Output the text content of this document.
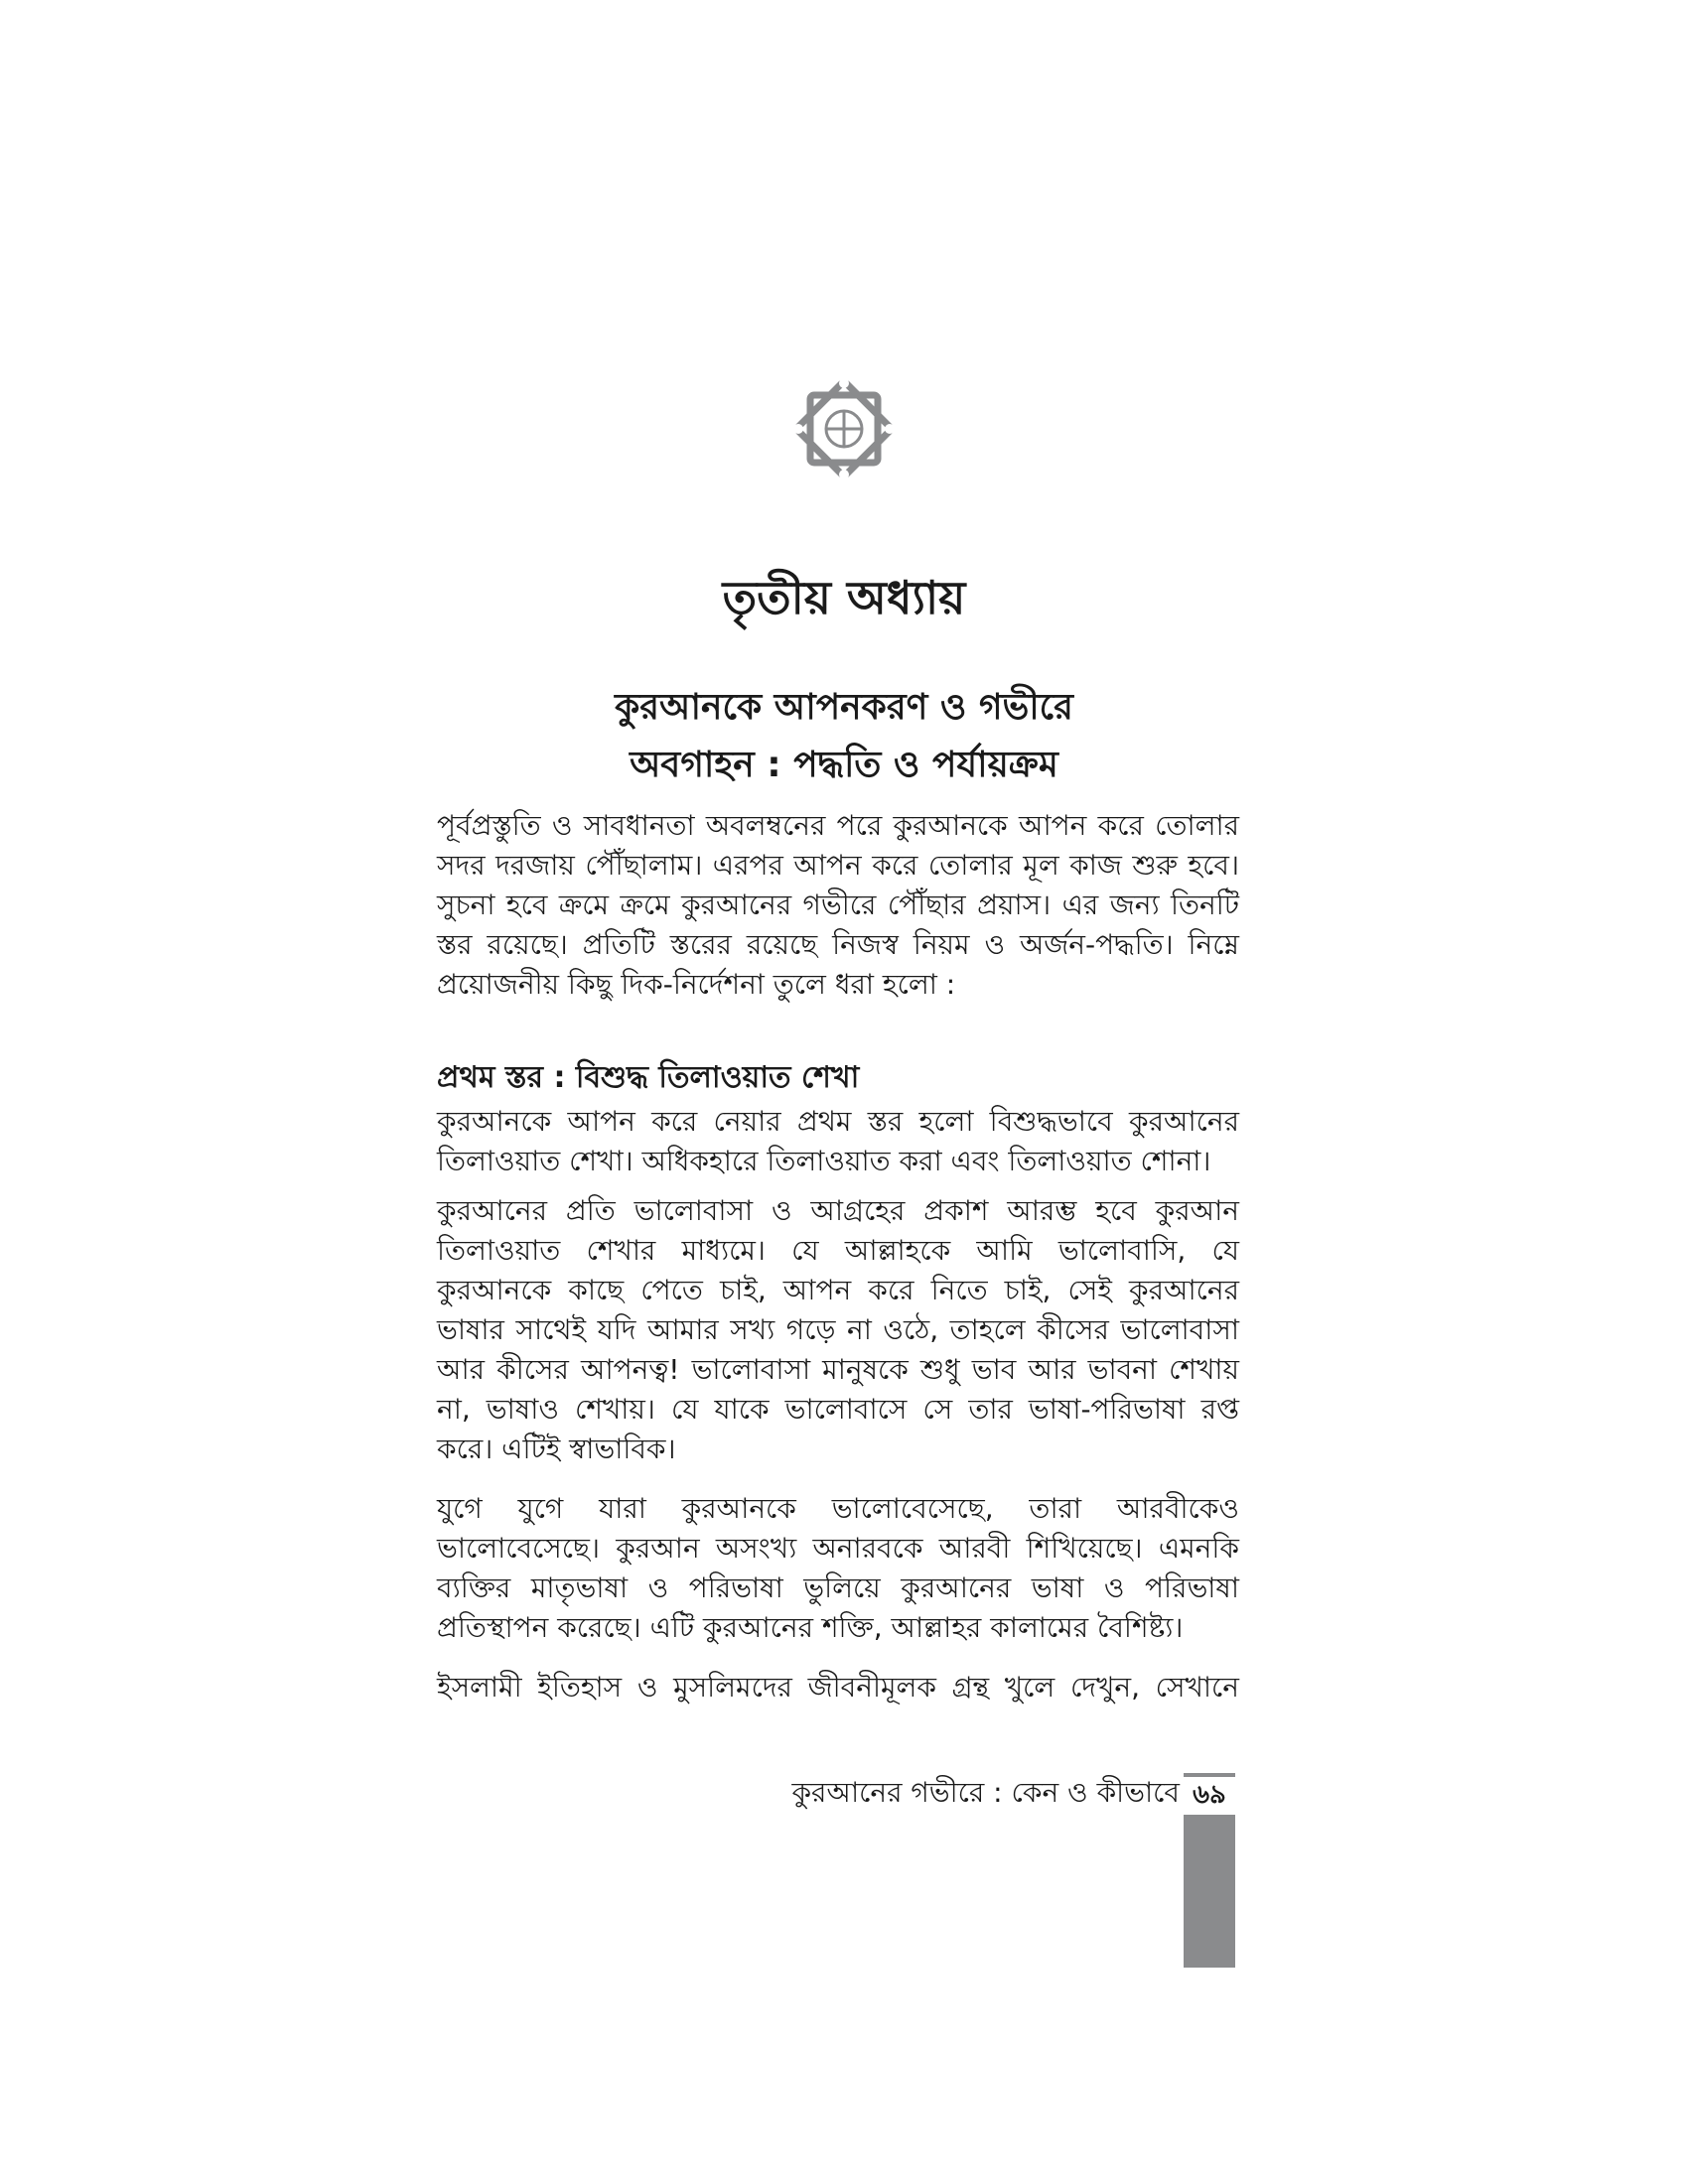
তৃতীয় অধ্যায়
কুরআনকে আপনকরণ ও গভীরে
অবগাহন : পদ্ধতি ও পর্যায়ক্রম

পূর্বপ্রস্তুতি ও সাবধানতা অবলম্বনের পরে কুরআনকে আপন করে তোলার
সদর দরজায় পৌঁছালাম। এরপর আপন করে তোলার মূল কাজ শুরু হবে।
সুচনা হবে ক্রমে ক্রমে কুরআনের গভীরে পৌঁছার প্রয়াস। এর জন্য তিনটি
স্তর রয়েছে। প্রতিটি স্তরের রয়েছে নিজস্ব নিয়ম ও অর্জন-পদ্ধতি। নিম্নে
প্রয়োজনীয় কিছু দিক-নির্দেশনা তুলে ধরা হলো :

প্রথম স্তর : বিশুদ্ধ তিলাওয়াত শেখা

কুরআনকে আপন করে নেয়ার প্রথম স্তর হলো বিশুদ্ধভাবে কুরআনের
তিলাওয়াত শেখা। অধিকহারে তিলাওয়াত করা এবং তিলাওয়াত শোনা।

কুরআনের প্রতি ভালোবাসা ও আগ্রহের প্রকাশ আরম্ভ হবে কুরআন
তিলাওয়াত শেখার মাধ্যমে। যে আল্লাহকে আমি ভালোবাসি, যে
কুরআনকে কাছে পেতে চাই, আপন করে নিতে চাই, সেই কুরআনের
ভাষার সাথেই যদি আমার সখ্য গড়ে না ওঠে, তাহলে কীসের ভালোবাসা
আর কীসের আপনত্ব! ভালোবাসা মানুষকে শুধু ভাব আর ভাবনা শেখায়
না, ভাষাও শেখায়। যে যাকে ভালোবাসে সে তার ভাষা-পরিভাষা রপ্ত
করে। এটিই স্বাভাবিক।

যুগে যুগে যারা কুরআনকে ভালোবেসেছে, তারা আরবীকেও
ভালোবেসেছে। কুরআন অসংখ্য অনারবকে আরবী শিখিয়েছে। এমনকি
ব্যক্তির মাতৃভাষা ও পরিভাষা ভুলিয়ে কুরআনের ভাষা ও পরিভাষা
প্রতিস্থাপন করেছে। এটি কুরআনের শক্তি, আল্লাহর কালামের বৈশিষ্ট্য।

ইসলামী ইতিহাস ও মুসলিমদের জীবনীমূলক গ্রন্থ খুলে দেখুন, সেখানে

কুরআনের গভীরে : কেন ও কীভাবে ৬৯
